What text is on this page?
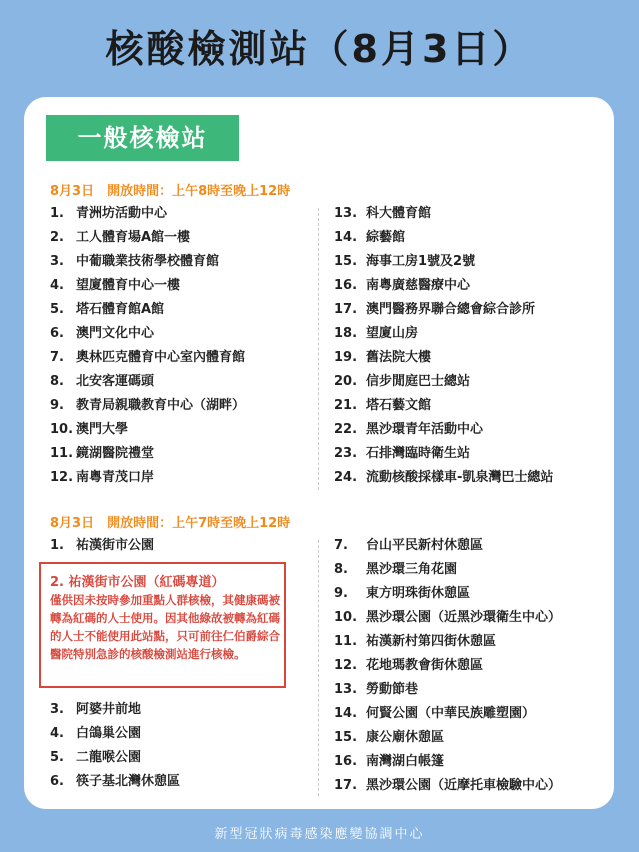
核酸檢測站（8月3日）
一般核檢站
8月3日　開放時間：上午8時至晚上12時
1. 青洲坊活動中心
2. 工人體育場A館一樓
3. 中葡職業技術學校體育館
4. 望廈體育中心一樓
5. 塔石體育館A館
6. 澳門文化中心
7. 奧林匹克體育中心室內體育館
8. 北安客運碼頭
9. 教青局親職教育中心（湖畔）
10. 澳門大學
11. 鏡湖醫院禮堂
12. 南粵青茂口岸
13. 科大體育館
14. 綜藝館
15. 海事工房1號及2號
16. 南粵廣慈醫療中心
17. 澳門醫務界聯合總會綜合診所
18. 望廈山房
19. 舊法院大樓
20. 信步閒庭巴士總站
21. 塔石藝文館
22. 黑沙環青年活動中心
23. 石排灣臨時衛生站
24. 流動核酸採樣車-凱泉灣巴士總站
8月3日　開放時間：上午7時至晚上12時
1. 祐漢街市公園
2. 祐漢街市公園（紅碼專道）
僅供因未按時參加重點人群核檢，其健康碼被轉為紅碼的人士使用。因其他綠故被轉為紅碼的人士不能使用此站點，只可前往仁伯爵綜合醫院特別急診的核酸檢測站進行核檢。
3. 阿婆井前地
4. 白鴿巢公園
5. 二龍喉公園
6. 筷子基北灣休憩區
7. 台山平民新村休憩區
8. 黑沙環三角花園
9. 東方明珠街休憩區
10. 黑沙環公園（近黑沙環衛生中心）
11. 祐漢新村第四街休憩區
12. 花地瑪教會街休憩區
13. 勞動節巷
14. 何賢公園（中華民族雕塑園）
15. 康公廟休憩區
16. 南灣湖白帳篷
17. 黑沙環公園（近摩托車檢驗中心）
新型冠狀病毒感染應變協調中心
